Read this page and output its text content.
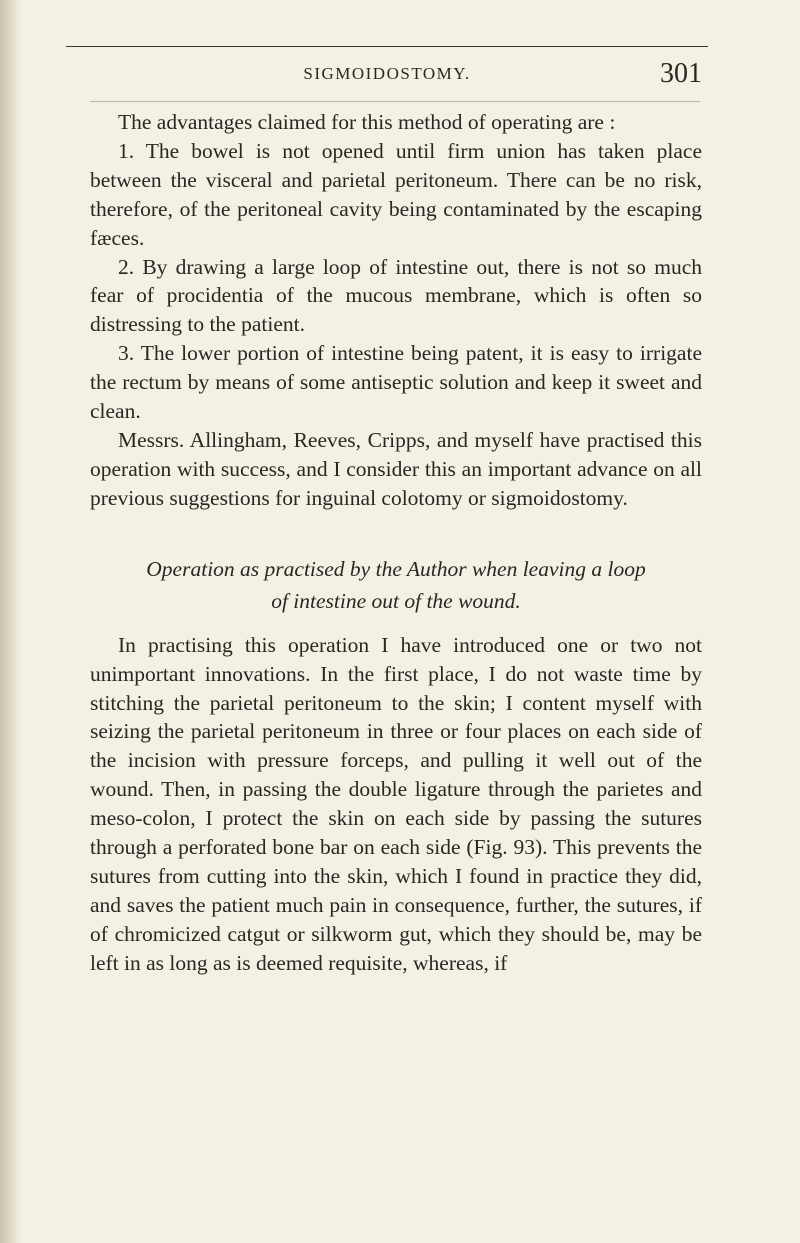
SIGMOIDOSTOMY.	301

The advantages claimed for this method of operating are :

1. The bowel is not opened until firm union has taken place between the visceral and parietal peritoneum. There can be no risk, therefore, of the peritoneal cavity being contaminated by the escaping fæces.

2. By drawing a large loop of intestine out, there is not so much fear of procidentia of the mucous membrane, which is often so distressing to the patient.

3. The lower portion of intestine being patent, it is easy to irrigate the rectum by means of some antiseptic solution and keep it sweet and clean.

Messrs. Allingham, Reeves, Cripps, and myself have practised this operation with success, and I consider this an important advance on all previous suggestions for inguinal colotomy or sigmoidostomy.

Operation as practised by the Author when leaving a loop
of intestine out of the wound.

In practising this operation I have introduced one or two not unimportant innovations. In the first place, I do not waste time by stitching the parietal peritoneum to the skin; I content myself with seizing the parietal peritoneum in three or four places on each side of the incision with pressure forceps, and pulling it well out of the wound. Then, in passing the double ligature through the parietes and meso-colon, I protect the skin on each side by passing the sutures through a perforated bone bar on each side (Fig. 93). This prevents the sutures from cutting into the skin, which I found in practice they did, and saves the patient much pain in consequence, further, the sutures, if of chromicized catgut or silkworm gut, which they should be, may be left in as long as is deemed requisite, whereas, if
